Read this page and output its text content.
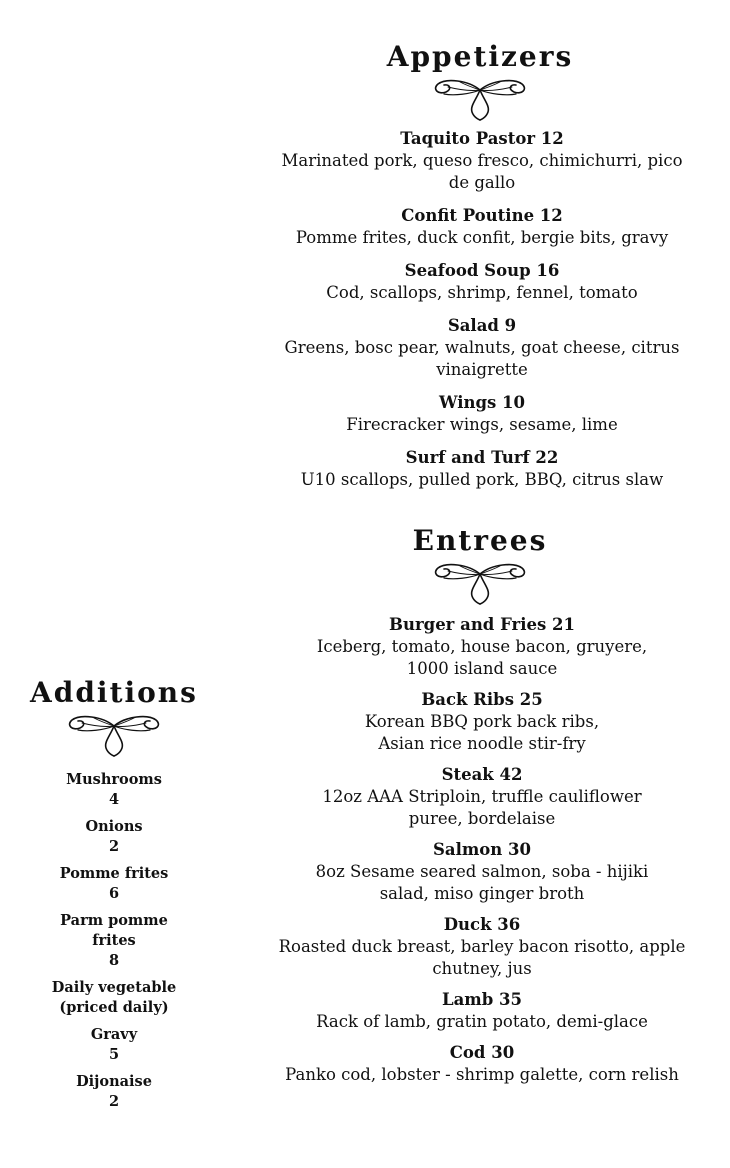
Appetizers
Taquito Pastor 12
Marinated pork, queso fresco, chimichurri, pico de gallo
Confit Poutine 12
Pomme frites, duck confit, bergie bits, gravy
Seafood Soup 16
Cod, scallops, shrimp, fennel, tomato
Salad 9
Greens, bosc pear, walnuts, goat cheese, citrus vinaigrette
Wings 10
Firecracker wings, sesame, lime
Surf and Turf 22
U10 scallops, pulled pork, BBQ, citrus slaw
Entrees
Burger and Fries 21
Iceberg, tomato, house bacon, gruyere, 1000 island sauce
Back Ribs 25
Korean BBQ pork back ribs, Asian rice noodle stir-fry
Steak 42
12oz AAA Striploin, truffle cauliflower puree, bordelaise
Salmon 30
8oz Sesame seared salmon, soba - hijiki salad, miso ginger broth
Duck 36
Roasted duck breast, barley bacon risotto, apple chutney, jus
Lamb 35
Rack of lamb, gratin potato, demi-glace
Cod 30
Panko cod, lobster - shrimp galette, corn relish
Additions
Mushrooms
4
Onions
2
Pomme frites
6
Parm pomme frites
8
Daily vegetable (priced daily)
Gravy
5
Dijonaise
2
